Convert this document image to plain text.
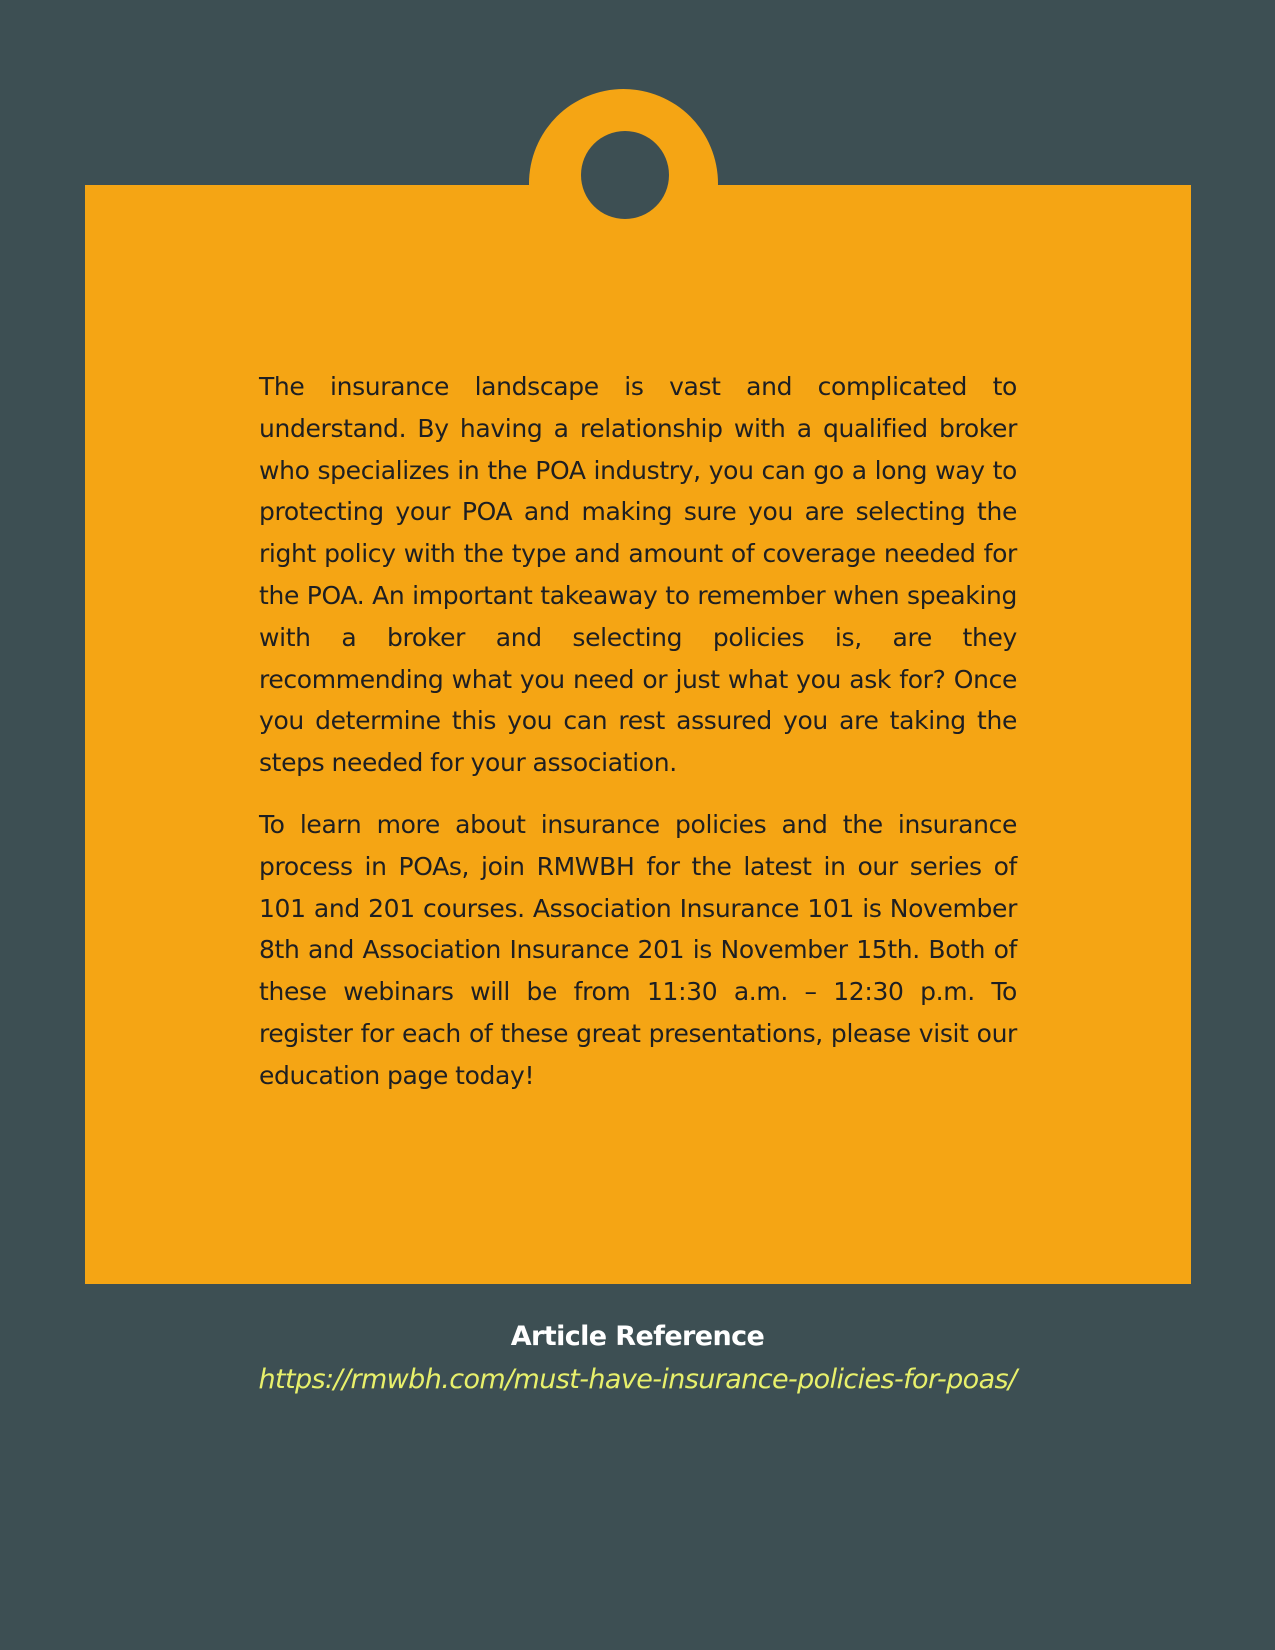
The insurance landscape is vast and complicated to understand. By having a relationship with a qualified broker who specializes in the POA industry, you can go a long way to protecting your POA and making sure you are selecting the right policy with the type and amount of coverage needed for the POA. An important takeaway to remember when speaking with a broker and selecting policies is, are they recommending what you need or just what you ask for? Once you determine this you can rest assured you are taking the steps needed for your association.

To learn more about insurance policies and the insurance process in POAs, join RMWBH for the latest in our series of 101 and 201 courses. Association Insurance 101 is November 8th and Association Insurance 201 is November 15th. Both of these webinars will be from 11:30 a.m. – 12:30 p.m. To register for each of these great presentations, please visit our education page today!

Article Reference
https://rmwbh.com/must-have-insurance-policies-for-poas/
